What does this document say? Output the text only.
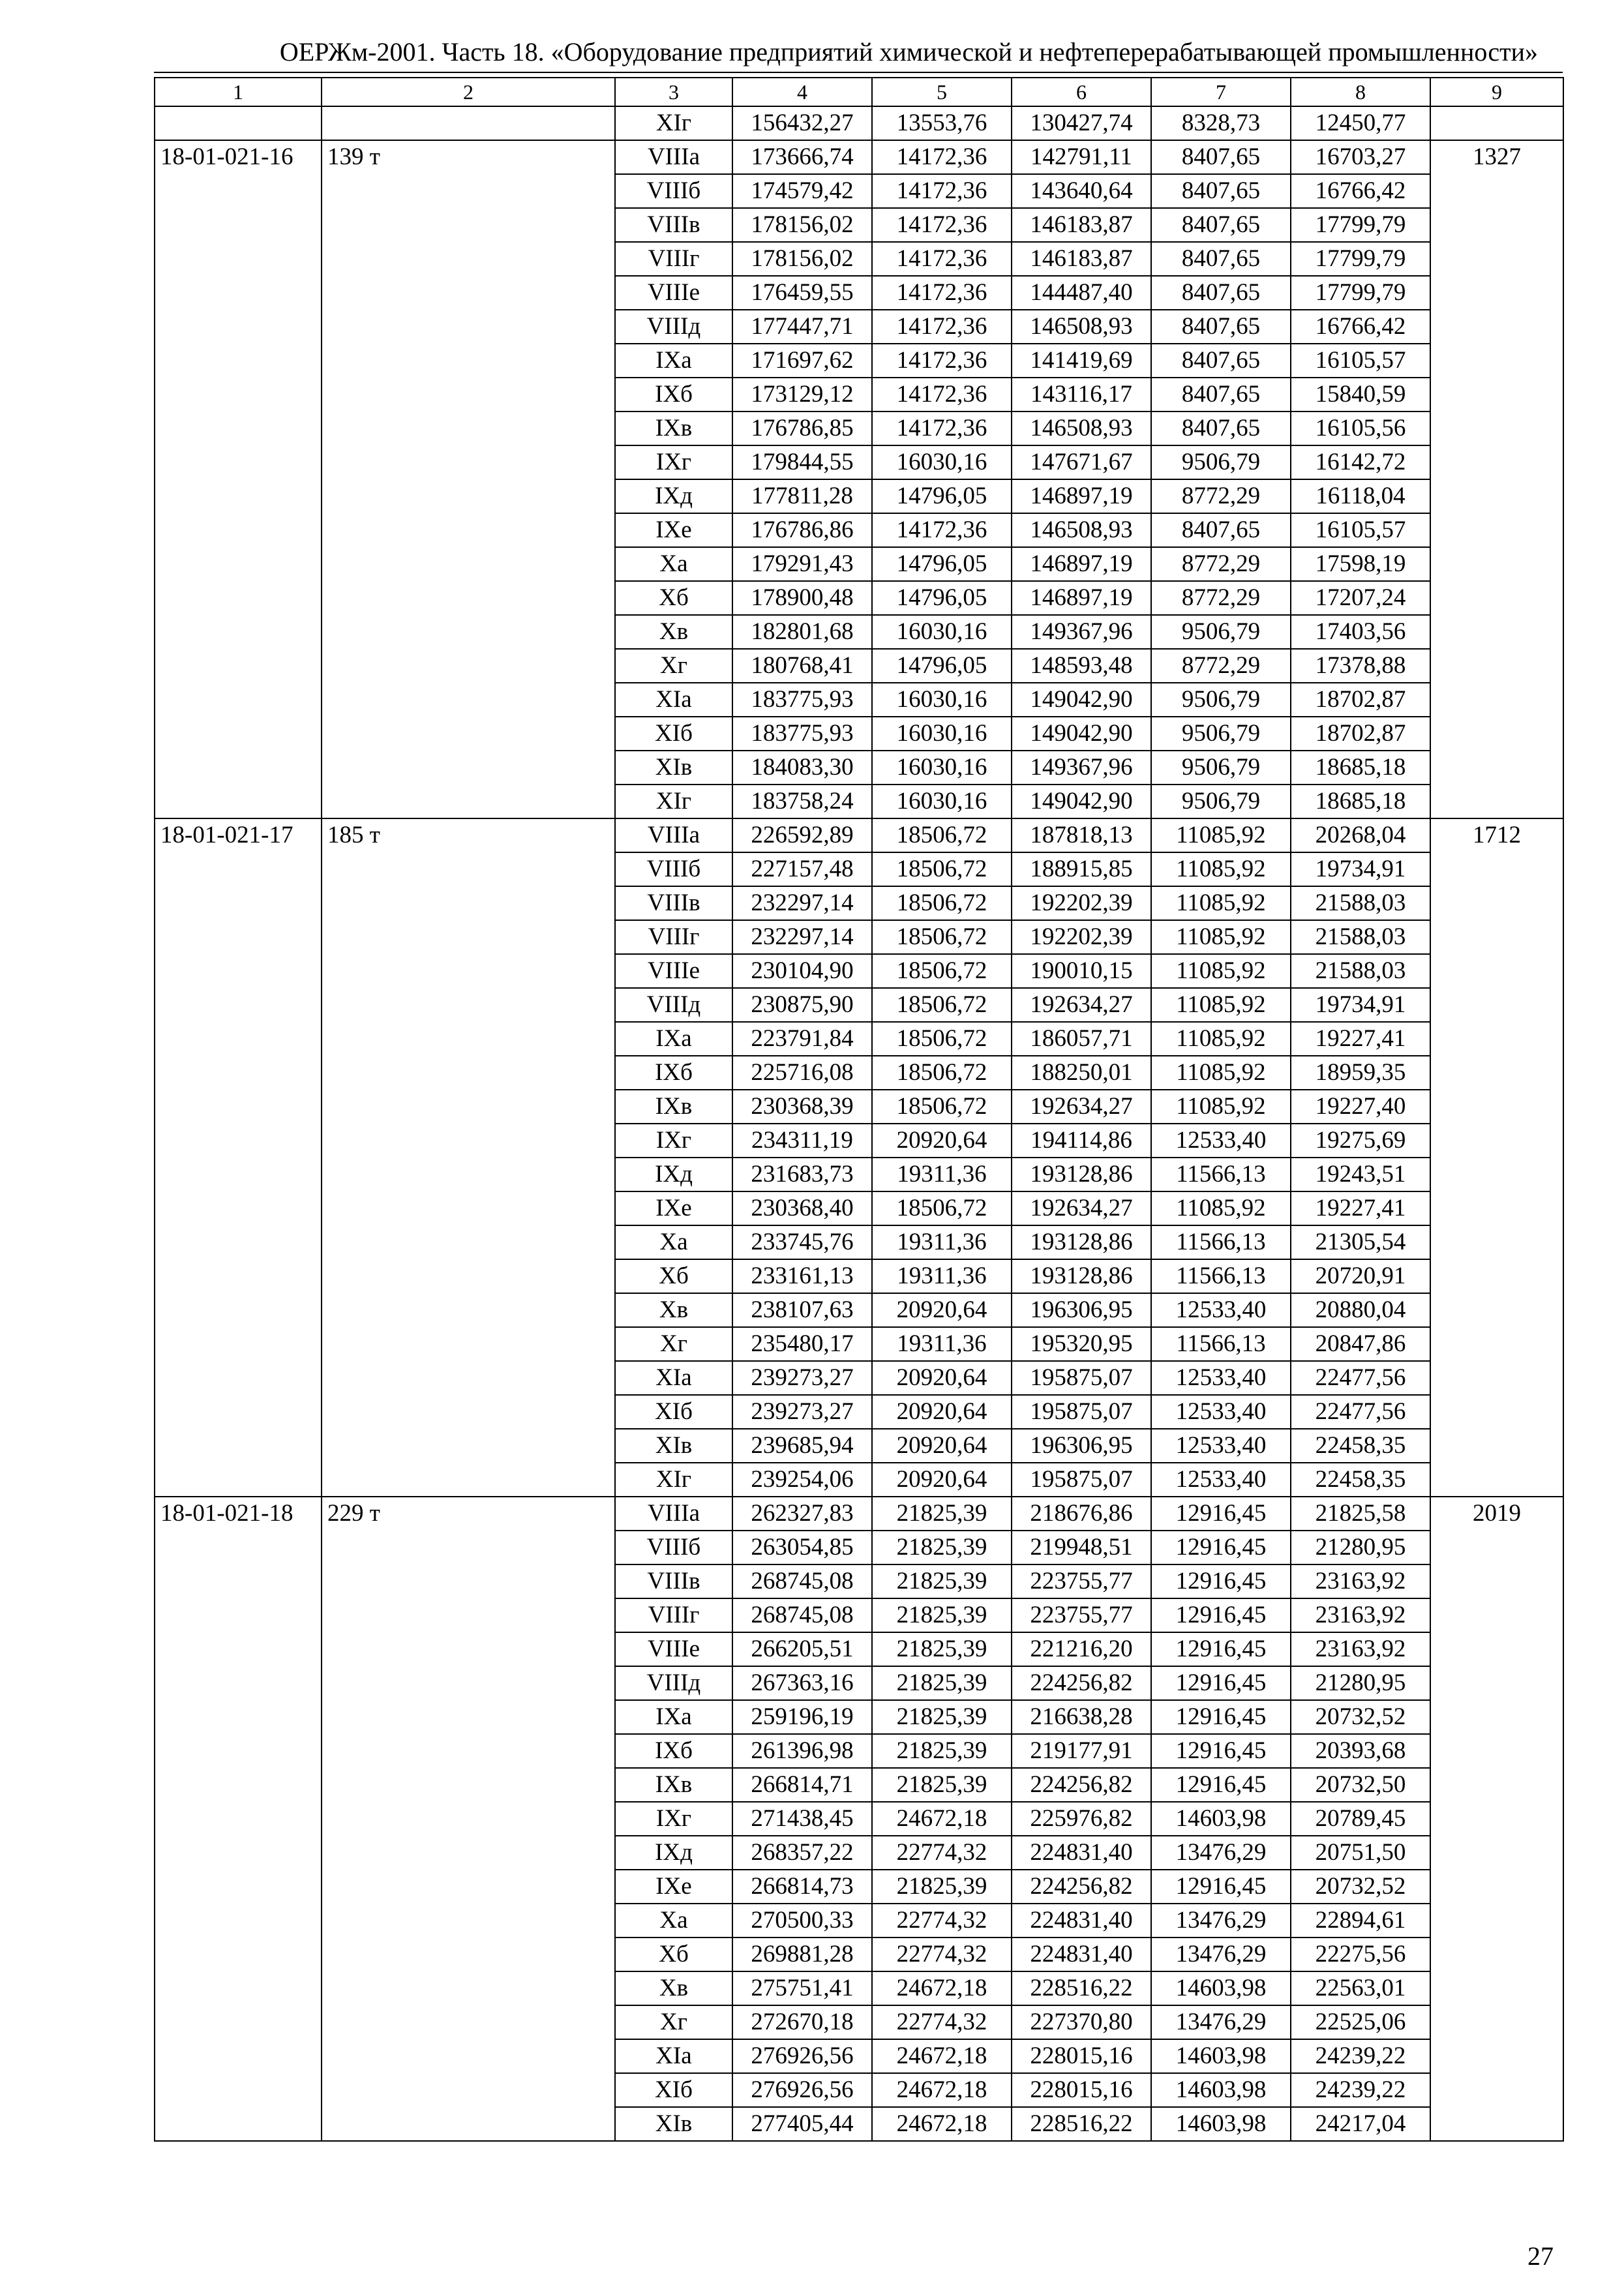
ОЕРЖм-2001. Часть 18. «Оборудование предприятий химической и нефтеперерабатывающей промышленности»
1	2	3	4	5	6	7	8	9
		XIг	156432,27	13553,76	130427,74	8328,73	12450,77	
18-01-021-16	139 т	VIIIа	173666,74	14172,36	142791,11	8407,65	16703,27	1327
		VIIIб	174579,42	14172,36	143640,64	8407,65	16766,42	
		VIIIв	178156,02	14172,36	146183,87	8407,65	17799,79	
		VIIIг	178156,02	14172,36	146183,87	8407,65	17799,79	
		VIIIе	176459,55	14172,36	144487,40	8407,65	17799,79	
		VIIIд	177447,71	14172,36	146508,93	8407,65	16766,42	
		IXа	171697,62	14172,36	141419,69	8407,65	16105,57	
		IXб	173129,12	14172,36	143116,17	8407,65	15840,59	
		IXв	176786,85	14172,36	146508,93	8407,65	16105,56	
		IXг	179844,55	16030,16	147671,67	9506,79	16142,72	
		IXд	177811,28	14796,05	146897,19	8772,29	16118,04	
		IXе	176786,86	14172,36	146508,93	8407,65	16105,57	
		Xа	179291,43	14796,05	146897,19	8772,29	17598,19	
		Xб	178900,48	14796,05	146897,19	8772,29	17207,24	
		Xв	182801,68	16030,16	149367,96	9506,79	17403,56	
		Xг	180768,41	14796,05	148593,48	8772,29	17378,88	
		XIа	183775,93	16030,16	149042,90	9506,79	18702,87	
		XIб	183775,93	16030,16	149042,90	9506,79	18702,87	
		XIв	184083,30	16030,16	149367,96	9506,79	18685,18	
		XIг	183758,24	16030,16	149042,90	9506,79	18685,18	
18-01-021-17	185 т	VIIIа	226592,89	18506,72	187818,13	11085,92	20268,04	1712
		VIIIб	227157,48	18506,72	188915,85	11085,92	19734,91	
		VIIIв	232297,14	18506,72	192202,39	11085,92	21588,03	
		VIIIг	232297,14	18506,72	192202,39	11085,92	21588,03	
		VIIIе	230104,90	18506,72	190010,15	11085,92	21588,03	
		VIIIд	230875,90	18506,72	192634,27	11085,92	19734,91	
		IXа	223791,84	18506,72	186057,71	11085,92	19227,41	
		IXб	225716,08	18506,72	188250,01	11085,92	18959,35	
		IXв	230368,39	18506,72	192634,27	11085,92	19227,40	
		IXг	234311,19	20920,64	194114,86	12533,40	19275,69	
		IXд	231683,73	19311,36	193128,86	11566,13	19243,51	
		IXе	230368,40	18506,72	192634,27	11085,92	19227,41	
		Xа	233745,76	19311,36	193128,86	11566,13	21305,54	
		Xб	233161,13	19311,36	193128,86	11566,13	20720,91	
		Xв	238107,63	20920,64	196306,95	12533,40	20880,04	
		Xг	235480,17	19311,36	195320,95	11566,13	20847,86	
		XIа	239273,27	20920,64	195875,07	12533,40	22477,56	
		XIб	239273,27	20920,64	195875,07	12533,40	22477,56	
		XIв	239685,94	20920,64	196306,95	12533,40	22458,35	
		XIг	239254,06	20920,64	195875,07	12533,40	22458,35	
18-01-021-18	229 т	VIIIа	262327,83	21825,39	218676,86	12916,45	21825,58	2019
		VIIIб	263054,85	21825,39	219948,51	12916,45	21280,95	
		VIIIв	268745,08	21825,39	223755,77	12916,45	23163,92	
		VIIIг	268745,08	21825,39	223755,77	12916,45	23163,92	
		VIIIе	266205,51	21825,39	221216,20	12916,45	23163,92	
		VIIIд	267363,16	21825,39	224256,82	12916,45	21280,95	
		IXа	259196,19	21825,39	216638,28	12916,45	20732,52	
		IXб	261396,98	21825,39	219177,91	12916,45	20393,68	
		IXв	266814,71	21825,39	224256,82	12916,45	20732,50	
		IXг	271438,45	24672,18	225976,82	14603,98	20789,45	
		IXд	268357,22	22774,32	224831,40	13476,29	20751,50	
		IXе	266814,73	21825,39	224256,82	12916,45	20732,52	
		Xа	270500,33	22774,32	224831,40	13476,29	22894,61	
		Xб	269881,28	22774,32	224831,40	13476,29	22275,56	
		Xв	275751,41	24672,18	228516,22	14603,98	22563,01	
		Xг	272670,18	22774,32	227370,80	13476,29	22525,06	
		XIа	276926,56	24672,18	228015,16	14603,98	24239,22	
		XIб	276926,56	24672,18	228015,16	14603,98	24239,22	
		XIв	277405,44	24672,18	228516,22	14603,98	24217,04	
27
